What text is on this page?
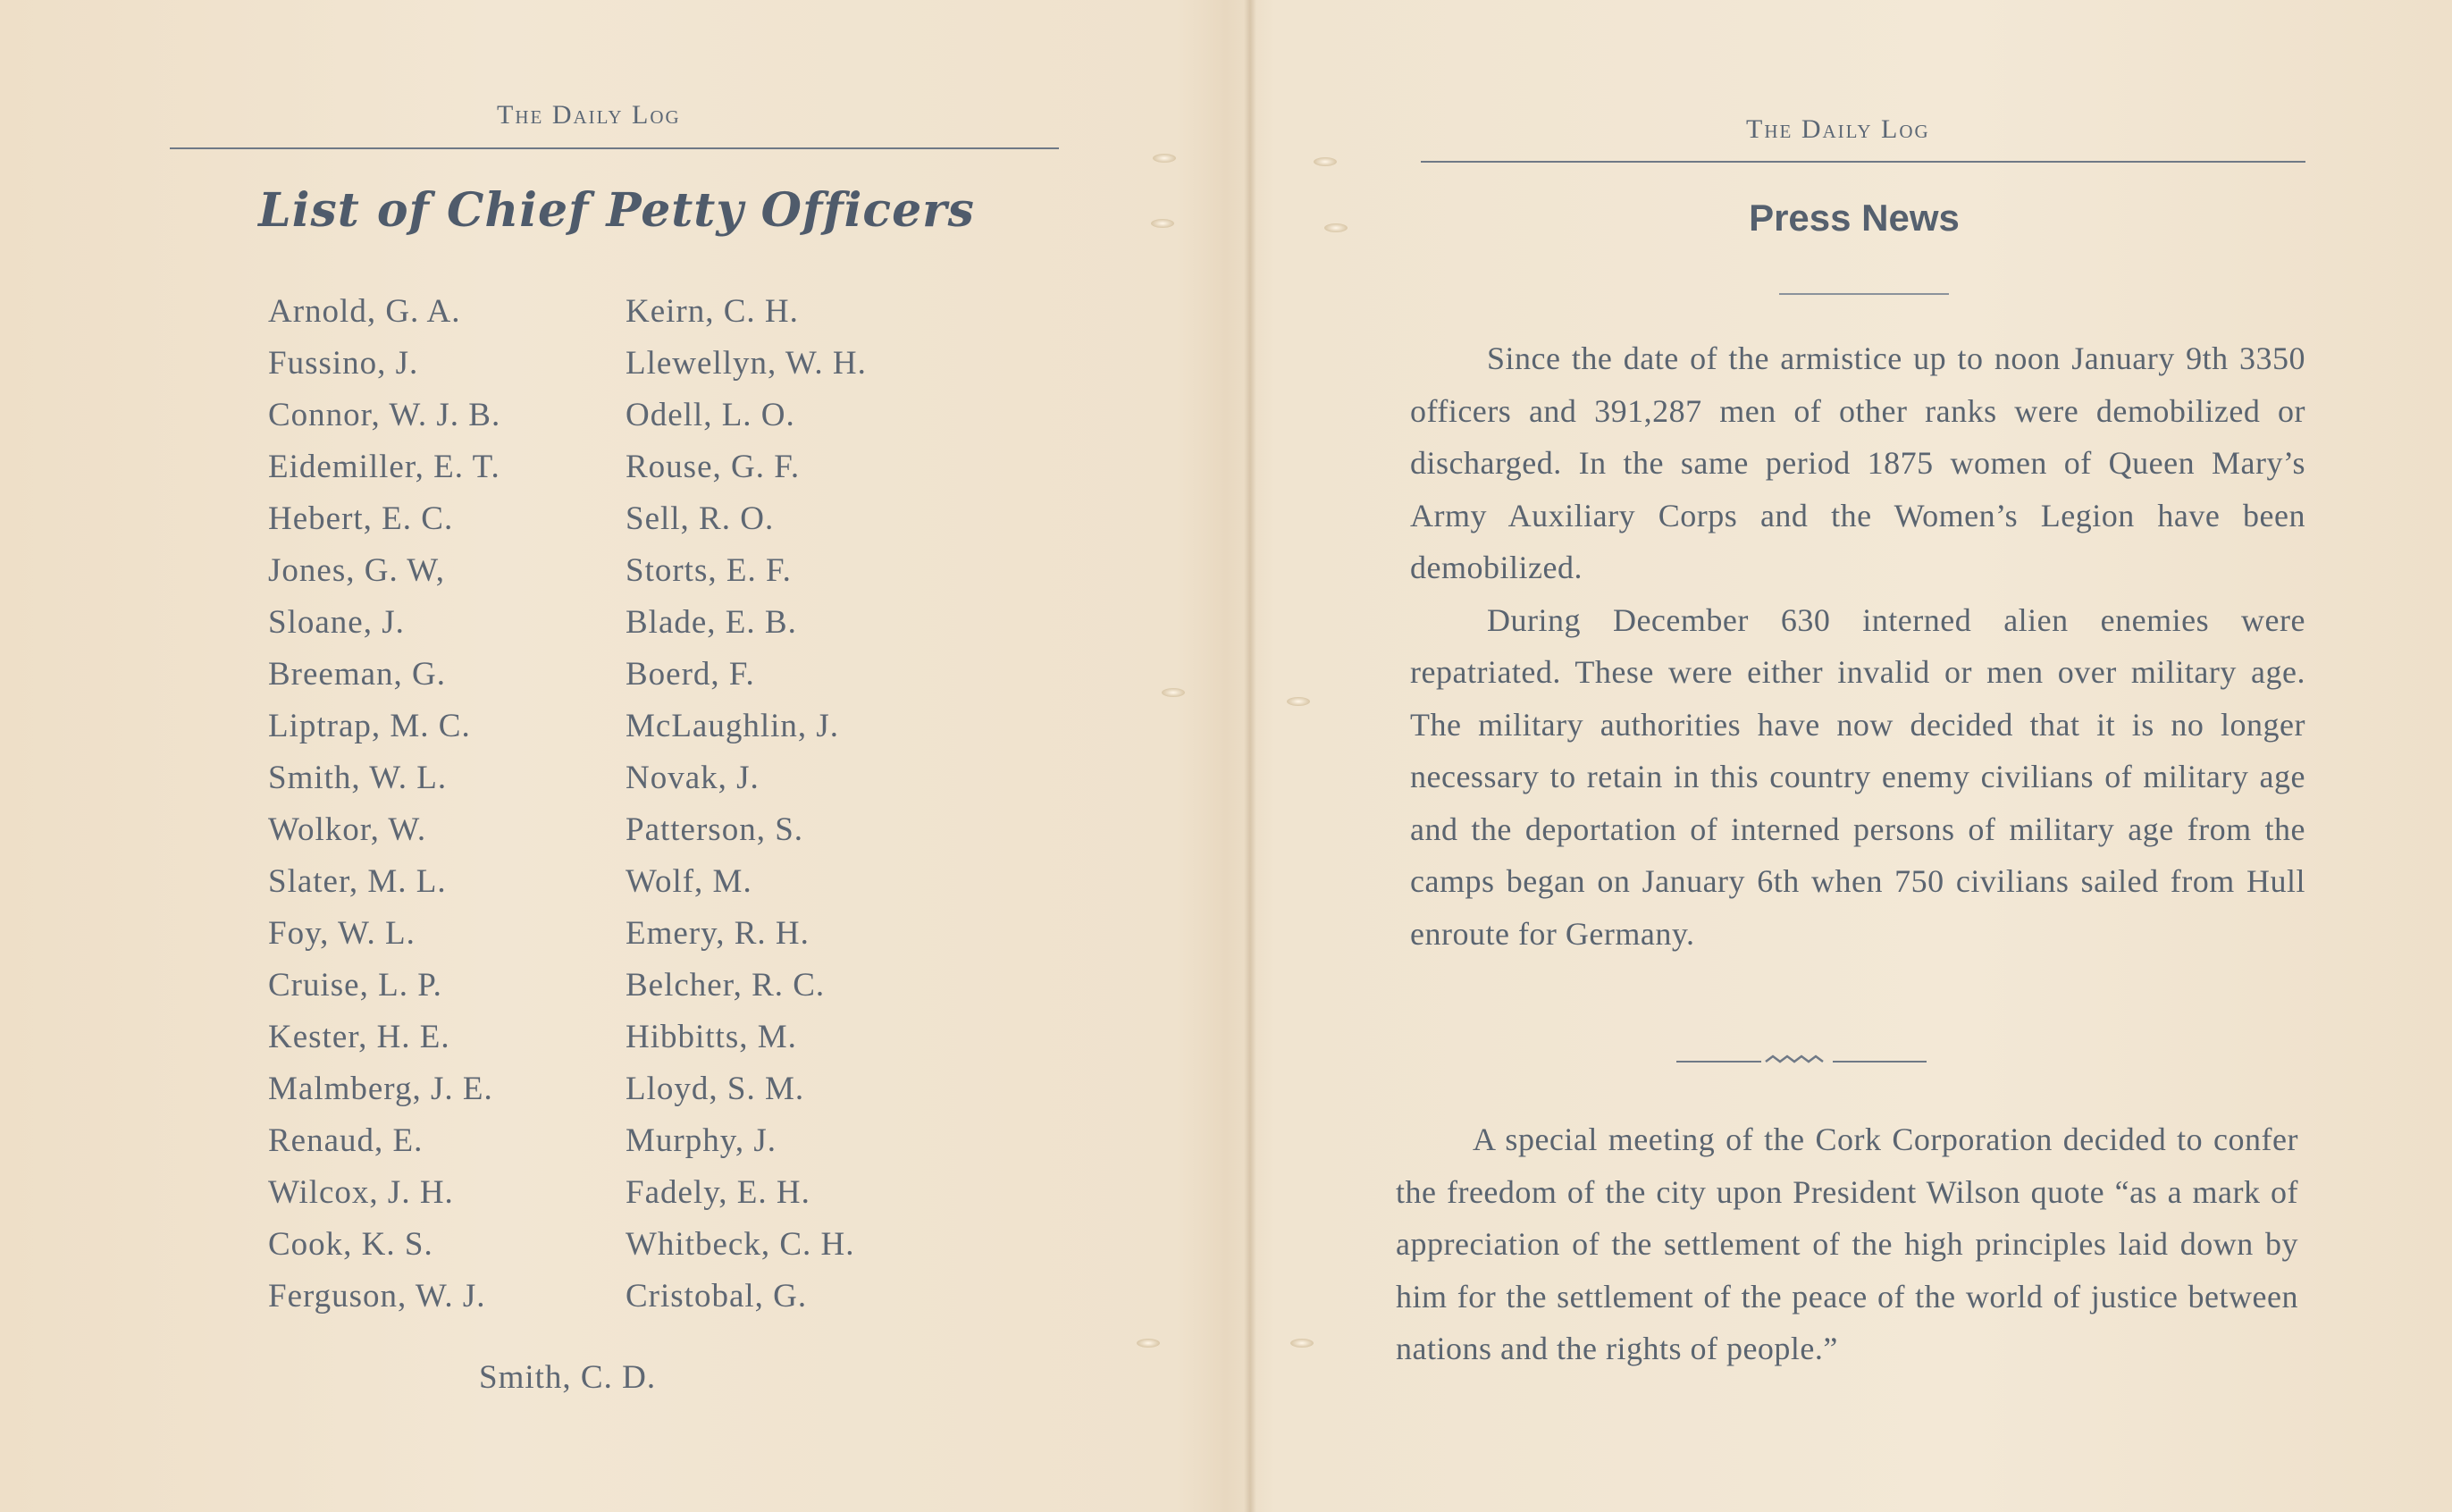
The Daily Log
List of Chief Petty Officers
Arnold, G. A.
Fussino, J.
Connor, W. J. B.
Eidemiller, E. T.
Hebert, E. C.
Jones, G. W,
Sloane, J.
Breeman, G.
Liptrap, M. C.
Smith, W. L.
Wolkor, W.
Slater, M. L.
Foy, W. L.
Cruise, L. P.
Kester, H. E.
Malmberg, J. E.
Renaud, E.
Wilcox, J. H.
Cook, K. S.
Ferguson, W. J.
Keirn, C. H.
Llewellyn, W. H.
Odell, L. O.
Rouse, G. F.
Sell, R. O.
Storts, E. F.
Blade, E. B.
Boerd, F.
McLaughlin, J.
Novak, J.
Patterson, S.
Wolf, M.
Emery, R. H.
Belcher, R. C.
Hibbitts, M.
Lloyd, S. M.
Murphy, J.
Fadely, E. H.
Whitbeck, C. H.
Cristobal, G.
Smith, C. D.
The Daily Log
Press News

Since the date of the armistice up to noon January 9th 3350 officers and 391,287 men of other ranks were demobilized or discharged. In the same period 1875 women of Queen Mary’s Army Auxiliary Corps and the Women’s Legion have been demobilized.

During December 630 interned alien enemies were repatriated. These were either invalid or men over military age. The military authorities have now decided that it is no longer necessary to retain in this country enemy civilians of military age and the deportation of interned persons of military age from the camps began on January 6th when 750 civilians sailed from Hull enroute for Germany.

A special meeting of the Cork Corporation decided to confer the freedom of the city upon President Wilson quote “as a mark of appreciation of the settlement of the high principles laid down by him for the settlement of the peace of the world of justice between nations and the rights of people.”
